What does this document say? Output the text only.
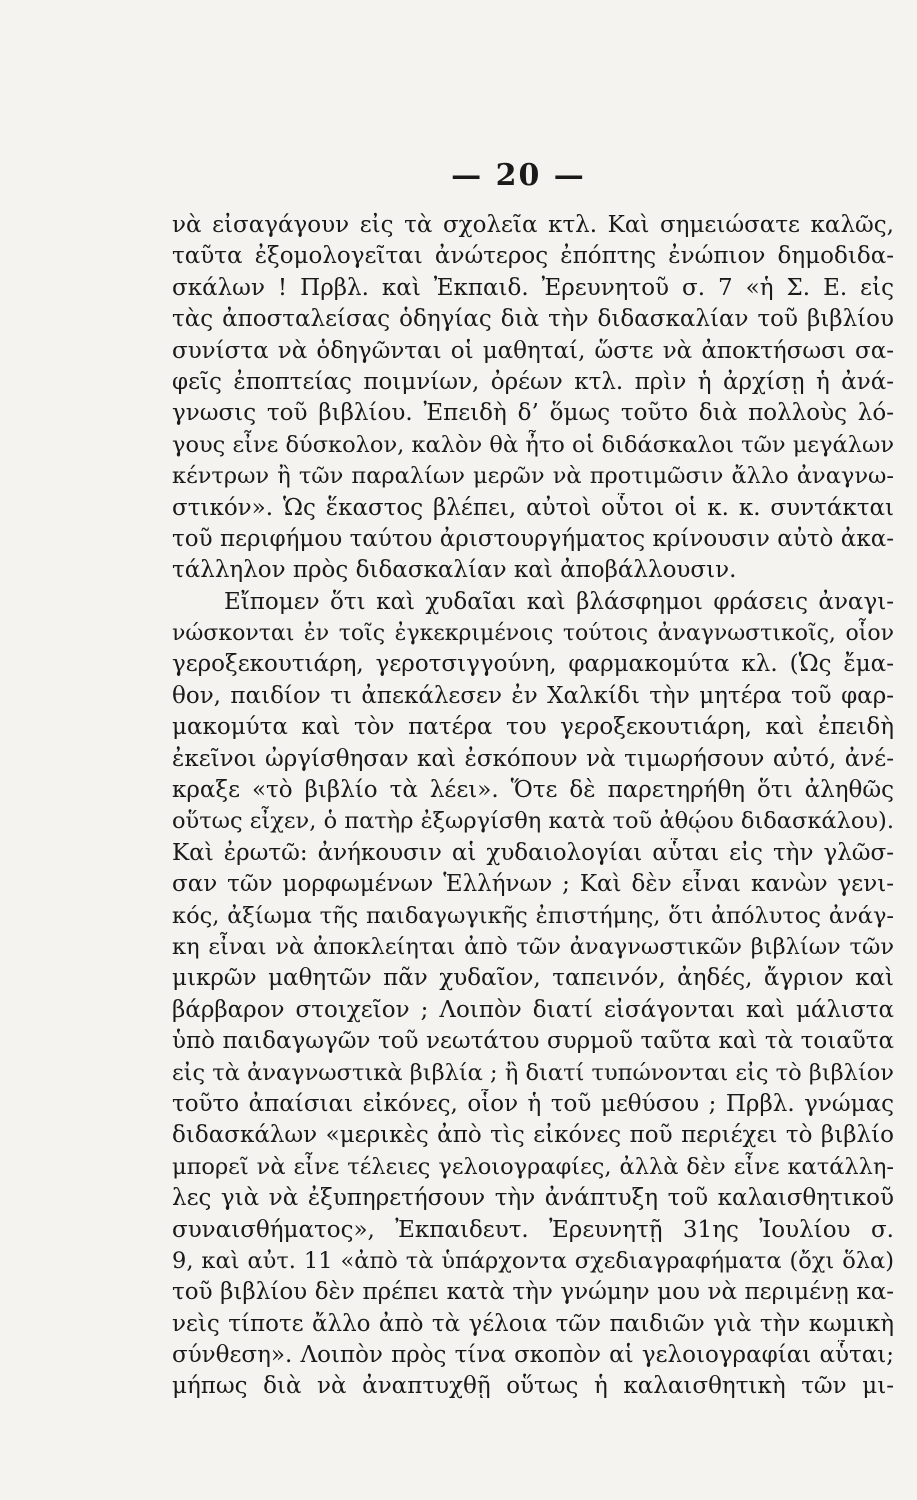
— 20 —
νὰ εἰσαγάγουν εἰς τὰ σχολεῖα κτλ. Καὶ σημειώσατε καλῶς,
ταῦτα ἐξομολογεῖται ἀνώτερος ἐπόπτης ἐνώπιον δημοδιδα-
σκάλων ! Πρβλ. καὶ Ἐκπαιδ. Ἐρευνητοῦ σ. 7 «ἡ Σ. Ε. εἰς
τὰς ἀποσταλείσας ὁδηγίας διὰ τὴν διδασκαλίαν τοῦ βιβλίου
συνίστα νὰ ὁδηγῶνται οἱ μαθηταί, ὥστε νὰ ἀποκτήσωσι σα-
φεῖς ἐποπτείας ποιμνίων, ὀρέων κτλ. πρὶν ἡ ἀρχίσῃ ἡ ἀνά-
γνωσις τοῦ βιβλίου. Ἐπειδὴ δ’ ὅμως τοῦτο διὰ πολλοὺς λό-
γους εἶνε δύσκολον, καλὸν θὰ ἦτο οἱ διδάσκαλοι τῶν μεγάλων
κέντρων ἢ τῶν παραλίων μερῶν νὰ προτιμῶσιν ἄλλο ἀναγνω-
στικόν». Ὡς ἕκαστος βλέπει, αὐτοὶ οὗτοι οἱ κ. κ. συντάκται
τοῦ περιφήμου ταύτου ἀριστουργήματος κρίνουσιν αὐτὸ ἀκα-
τάλληλον πρὸς διδασκαλίαν καὶ ἀποβάλλουσιν.
Εἴπομεν ὅτι καὶ χυδαῖαι καὶ βλάσφημοι φράσεις ἀναγι-
νώσκονται ἐν τοῖς ἐγκεκριμένοις τούτοις ἀναγνωστικοῖς, οἷον
γεροξεκουτιάρη, γεροτσιγγούνη, φαρμακομύτα κλ. (Ὡς ἔμα-
θον, παιδίον τι ἀπεκάλεσεν ἐν Χαλκίδι τὴν μητέρα τοῦ φαρ-
μακομύτα καὶ τὸν πατέρα του γεροξεκουτιάρη, καὶ ἐπειδὴ
ἐκεῖνοι ὠργίσθησαν καὶ ἐσκόπουν νὰ τιμωρήσουν αὐτό, ἀνέ-
κραξε «τὸ βιβλίο τὰ λέει». Ὅτε δὲ παρετηρήθη ὅτι ἀληθῶς
οὕτως εἶχεν, ὁ πατὴρ ἐξωργίσθη κατὰ τοῦ ἀθῴου διδασκάλου).
Καὶ ἐρωτῶ: ἀνήκουσιν αἱ χυδαιολογίαι αὗται εἰς τὴν γλῶσ-
σαν τῶν μορφωμένων Ἑλλήνων ; Καὶ δὲν εἶναι κανὼν γενι-
κός, ἀξίωμα τῆς παιδαγωγικῆς ἐπιστήμης, ὅτι ἀπόλυτος ἀνάγ-
κη εἶναι νὰ ἀποκλείηται ἀπὸ τῶν ἀναγνωστικῶν βιβλίων τῶν
μικρῶν μαθητῶν πᾶν χυδαῖον, ταπεινόν, ἀηδές, ἄγριον καὶ
βάρβαρον στοιχεῖον ; Λοιπὸν διατί εἰσάγονται καὶ μάλιστα
ὑπὸ παιδαγωγῶν τοῦ νεωτάτου συρμοῦ ταῦτα καὶ τὰ τοιαῦτα
εἰς τὰ ἀναγνωστικὰ βιβλία ; ἢ διατί τυπώνονται εἰς τὸ βιβλίον
τοῦτο ἀπαίσιαι εἰκόνες, οἷον ἡ τοῦ μεθύσου ; Πρβλ. γνώμας
διδασκάλων «μερικὲς ἀπὸ τὶς εἰκόνες ποῦ περιέχει τὸ βιβλίο
μπορεῖ νὰ εἶνε τέλειες γελοιογραφίες, ἀλλὰ δὲν εἶνε κατάλλη-
λες γιὰ νὰ ἐξυπηρετήσουν τὴν ἀνάπτυξη τοῦ καλαισθητικοῦ
συναισθήματος», Ἐκπαιδευτ. Ἐρευνητῇ 31ης Ἰουλίου σ.
9, καὶ αὐτ. 11 «ἀπὸ τὰ ὑπάρχοντα σχεδιαγραφήματα (ὄχι ὅλα)
τοῦ βιβλίου δὲν πρέπει κατὰ τὴν γνώμην μου νὰ περιμένῃ κα-
νεὶς τίποτε ἄλλο ἀπὸ τὰ γέλοια τῶν παιδιῶν γιὰ τὴν κωμικὴ
σύνθεση». Λοιπὸν πρὸς τίνα σκοπὸν αἱ γελοιογραφίαι αὗται;
μήπως διὰ νὰ ἀναπτυχθῇ οὕτως ἡ καλαισθητικὴ τῶν μι-
